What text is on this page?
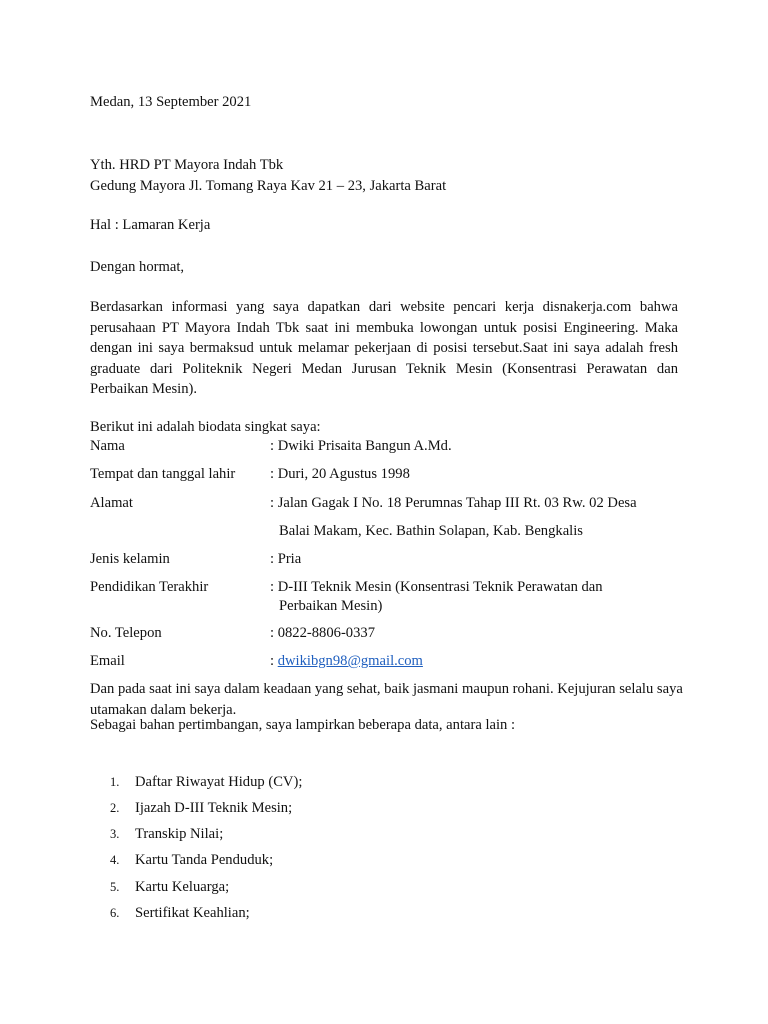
Medan, 13 September 2021
Yth. HRD PT Mayora Indah Tbk
Gedung Mayora Jl. Tomang Raya Kav 21 – 23, Jakarta Barat
Hal : Lamaran Kerja
Dengan hormat,
Berdasarkan informasi yang saya dapatkan dari website pencari kerja disnakerja.com bahwa perusahaan PT Mayora Indah Tbk saat ini membuka lowongan untuk posisi Engineering. Maka dengan ini saya bermaksud untuk melamar pekerjaan di posisi tersebut.Saat ini saya adalah fresh graduate dari Politeknik Negeri Medan Jurusan Teknik Mesin (Konsentrasi Perawatan dan Perbaikan Mesin).
Berikut ini adalah biodata singkat saya:
Nama	: Dwiki Prisaita Bangun A.Md.
Tempat dan tanggal lahir : Duri, 20 Agustus 1998
Alamat	: Jalan Gagak I No. 18 Perumnas Tahap III Rt. 03 Rw. 02 Desa
Balai Makam, Kec. Bathin Solapan, Kab. Bengkalis
Jenis kelamin	: Pria
Pendidikan Terakhir	: D-III Teknik Mesin (Konsentrasi Teknik Perawatan dan
Perbaikan Mesin)
No. Telepon	: 0822-8806-0337
Email	: dwikibgn98@gmail.com
Dan pada saat ini saya dalam keadaan yang sehat, baik jasmani maupun rohani. Kejujuran selalu saya utamakan dalam bekerja.
Sebagai bahan pertimbangan, saya lampirkan beberapa data, antara lain :
1. Daftar Riwayat Hidup (CV);
2. Ijazah D-III Teknik Mesin;
3. Transkip Nilai;
4. Kartu Tanda Penduduk;
5. Kartu Keluarga;
6. Sertifikat Keahlian;
